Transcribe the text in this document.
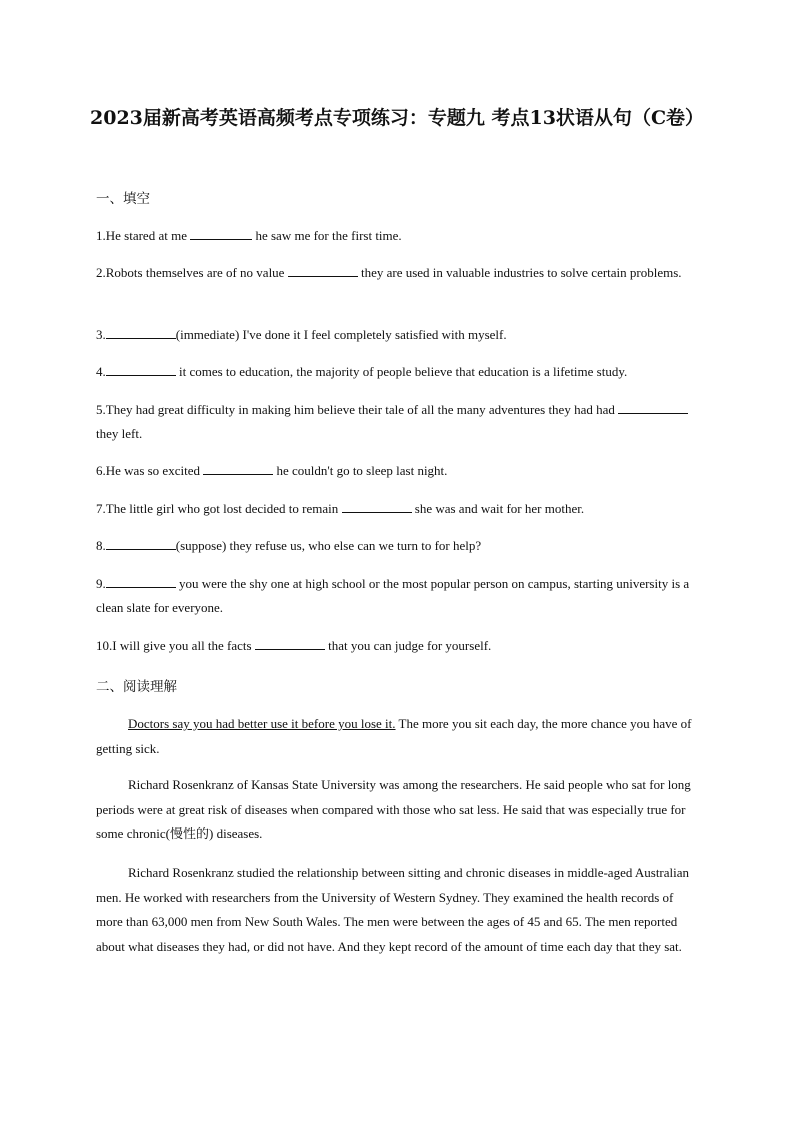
2023届新高考英语高频考点专项练习：专题九 考点13状语从句（C卷）
一、填空
1.He stared at me	he saw me for the first time.
2.Robots themselves are of no value	they are used in valuable industries to solve certain problems.
3.	(immediate) I've done it I feel completely satisfied with myself.
4.	it comes to education, the majority of people believe that education is a lifetime study.
5.They had great difficulty in making him believe their tale of all the many adventures they had had  they left.
6.He was so excited	he couldn't go to sleep last night.
7.The little girl who got lost decided to remain	she was and wait for her mother.
8.	(suppose) they refuse us, who else can we turn to for help?
9.	you were the shy one at high school or the most popular person on campus, starting university is a clean slate for everyone.
10.I will give you all the facts	that you can judge for yourself.
二、阅读理解
Doctors say you had better use it before you lose it. The more you sit each day, the more chance you have of getting sick.
Richard Rosenkranz of Kansas State University was among the researchers. He said people who sat for long periods were at great risk of diseases when compared with those who sat less. He said that was especially true for some chronic(慢性的) diseases.
Richard Rosenkranz studied the relationship between sitting and chronic diseases in middle-aged Australian men. He worked with researchers from the University of Western Sydney. They examined the health records of more than 63,000 men from New South Wales. The men were between the ages of 45 and 65. The men reported about what diseases they had, or did not have. And they kept record of the amount of time each day that they sat.
